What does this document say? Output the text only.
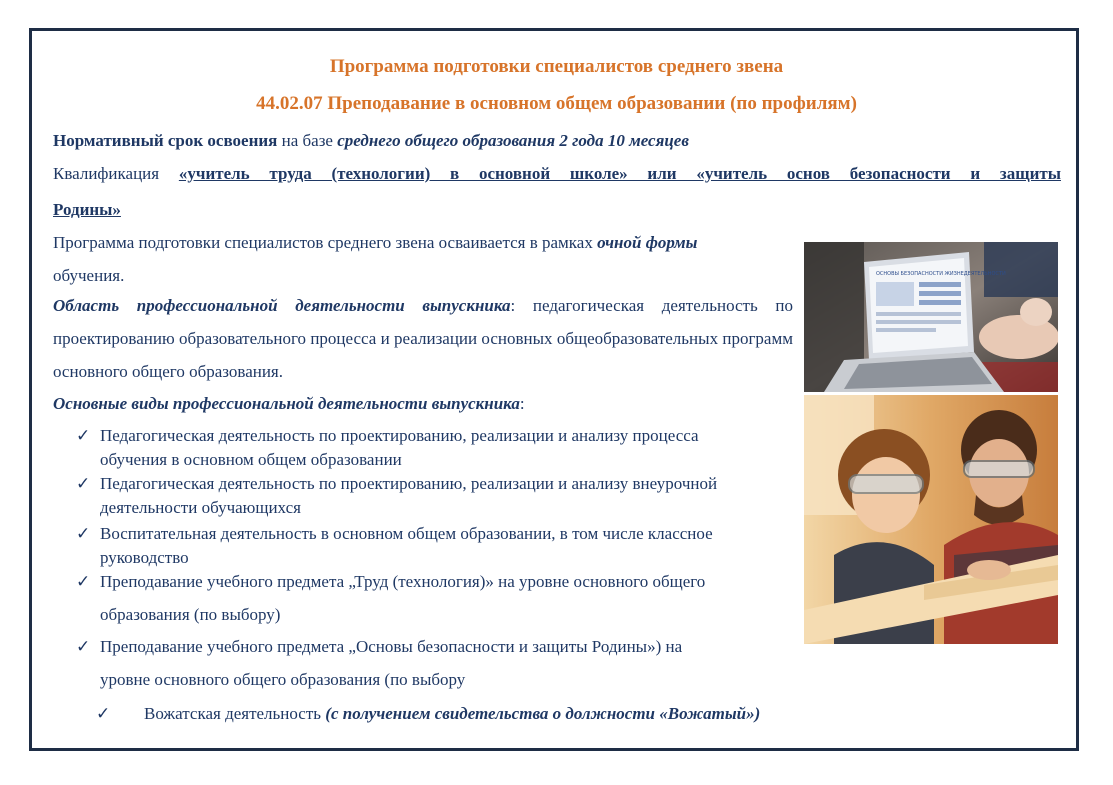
Программа подготовки специалистов среднего звена
44.02.07 Преподавание в основном общем образовании (по профилям)

Нормативный срок освоения на базе среднего общего образования 2 года 10 месяцев

Квалификация «учитель труда (технологии) в основной школе» или «учитель основ безопасности и защиты

Родины»

Программа подготовки специалистов среднего звена осваивается в рамках очной формы
обучения.

Область профессиональной деятельности выпускника: педагогическая деятельность по проектированию образовательного процесса и реализации основных общеобразовательных программ основного общего образования.

Основные виды профессиональной деятельности выпускника:

✓ Педагогическая деятельность по проектированию, реализации и анализу процесса
обучения в основном общем образовании
✓ Педагогическая деятельность по проектированию, реализации и анализу внеурочной
деятельности обучающихся
✓ Воспитательная деятельность в основном общем образовании, в том числе классное
руководство
✓ Преподавание учебного предмета „Труд (технология)» на уровне основного общего
образования (по выбору)
✓ Преподавание учебного предмета „Основы безопасности и защиты Родины») на
уровне основного общего образования (по выбору
✓ Вожатская деятельность (с получением свидетельства о должности «Вожатый»)
ОСНОВЫ БЕЗОПАСНОСТИ ЖИЗНЕДЕЯТЕЛЬНОСТИ
